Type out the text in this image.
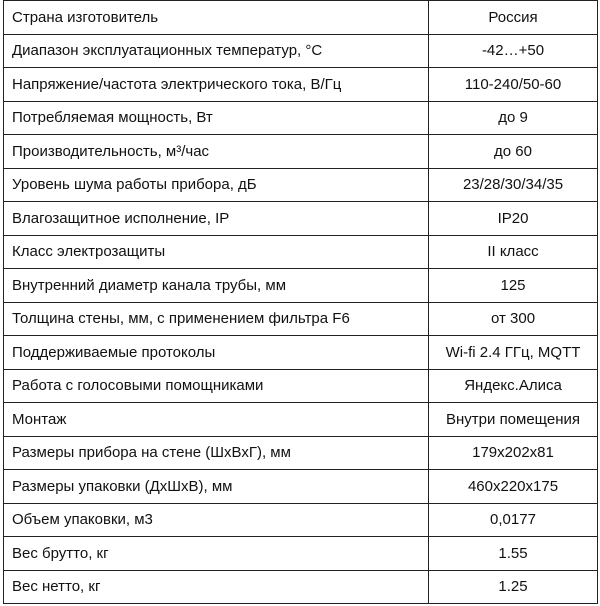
Страна изготовитель	Россия
Диапазон эксплуатационных температур, °С	-42…+50
Напряжение/частота электрического тока, В/Гц	110-240/50-60
Потребляемая мощность, Вт	до 9
Производительность, м³/час	до 60
Уровень шума работы прибора, дБ	23/28/30/34/35
Влагозащитное исполнение, IP	IP20
Класс электрозащиты	II класс
Внутренний диаметр канала трубы, мм	125
Толщина стены, мм, с применением фильтра F6	от 300
Поддерживаемые протоколы	Wi-fi 2.4 ГГц, MQTT
Работа с голосовыми помощниками	Яндекс.Алиса
Монтаж	Внутри помещения
Размеры прибора на стене (ШхВхГ), мм	179х202х81
Размеры упаковки (ДхШхВ), мм	460х220х175
Объем упаковки, м3	0,0177
Вес брутто, кг	1.55
Вес нетто, кг	1.25
